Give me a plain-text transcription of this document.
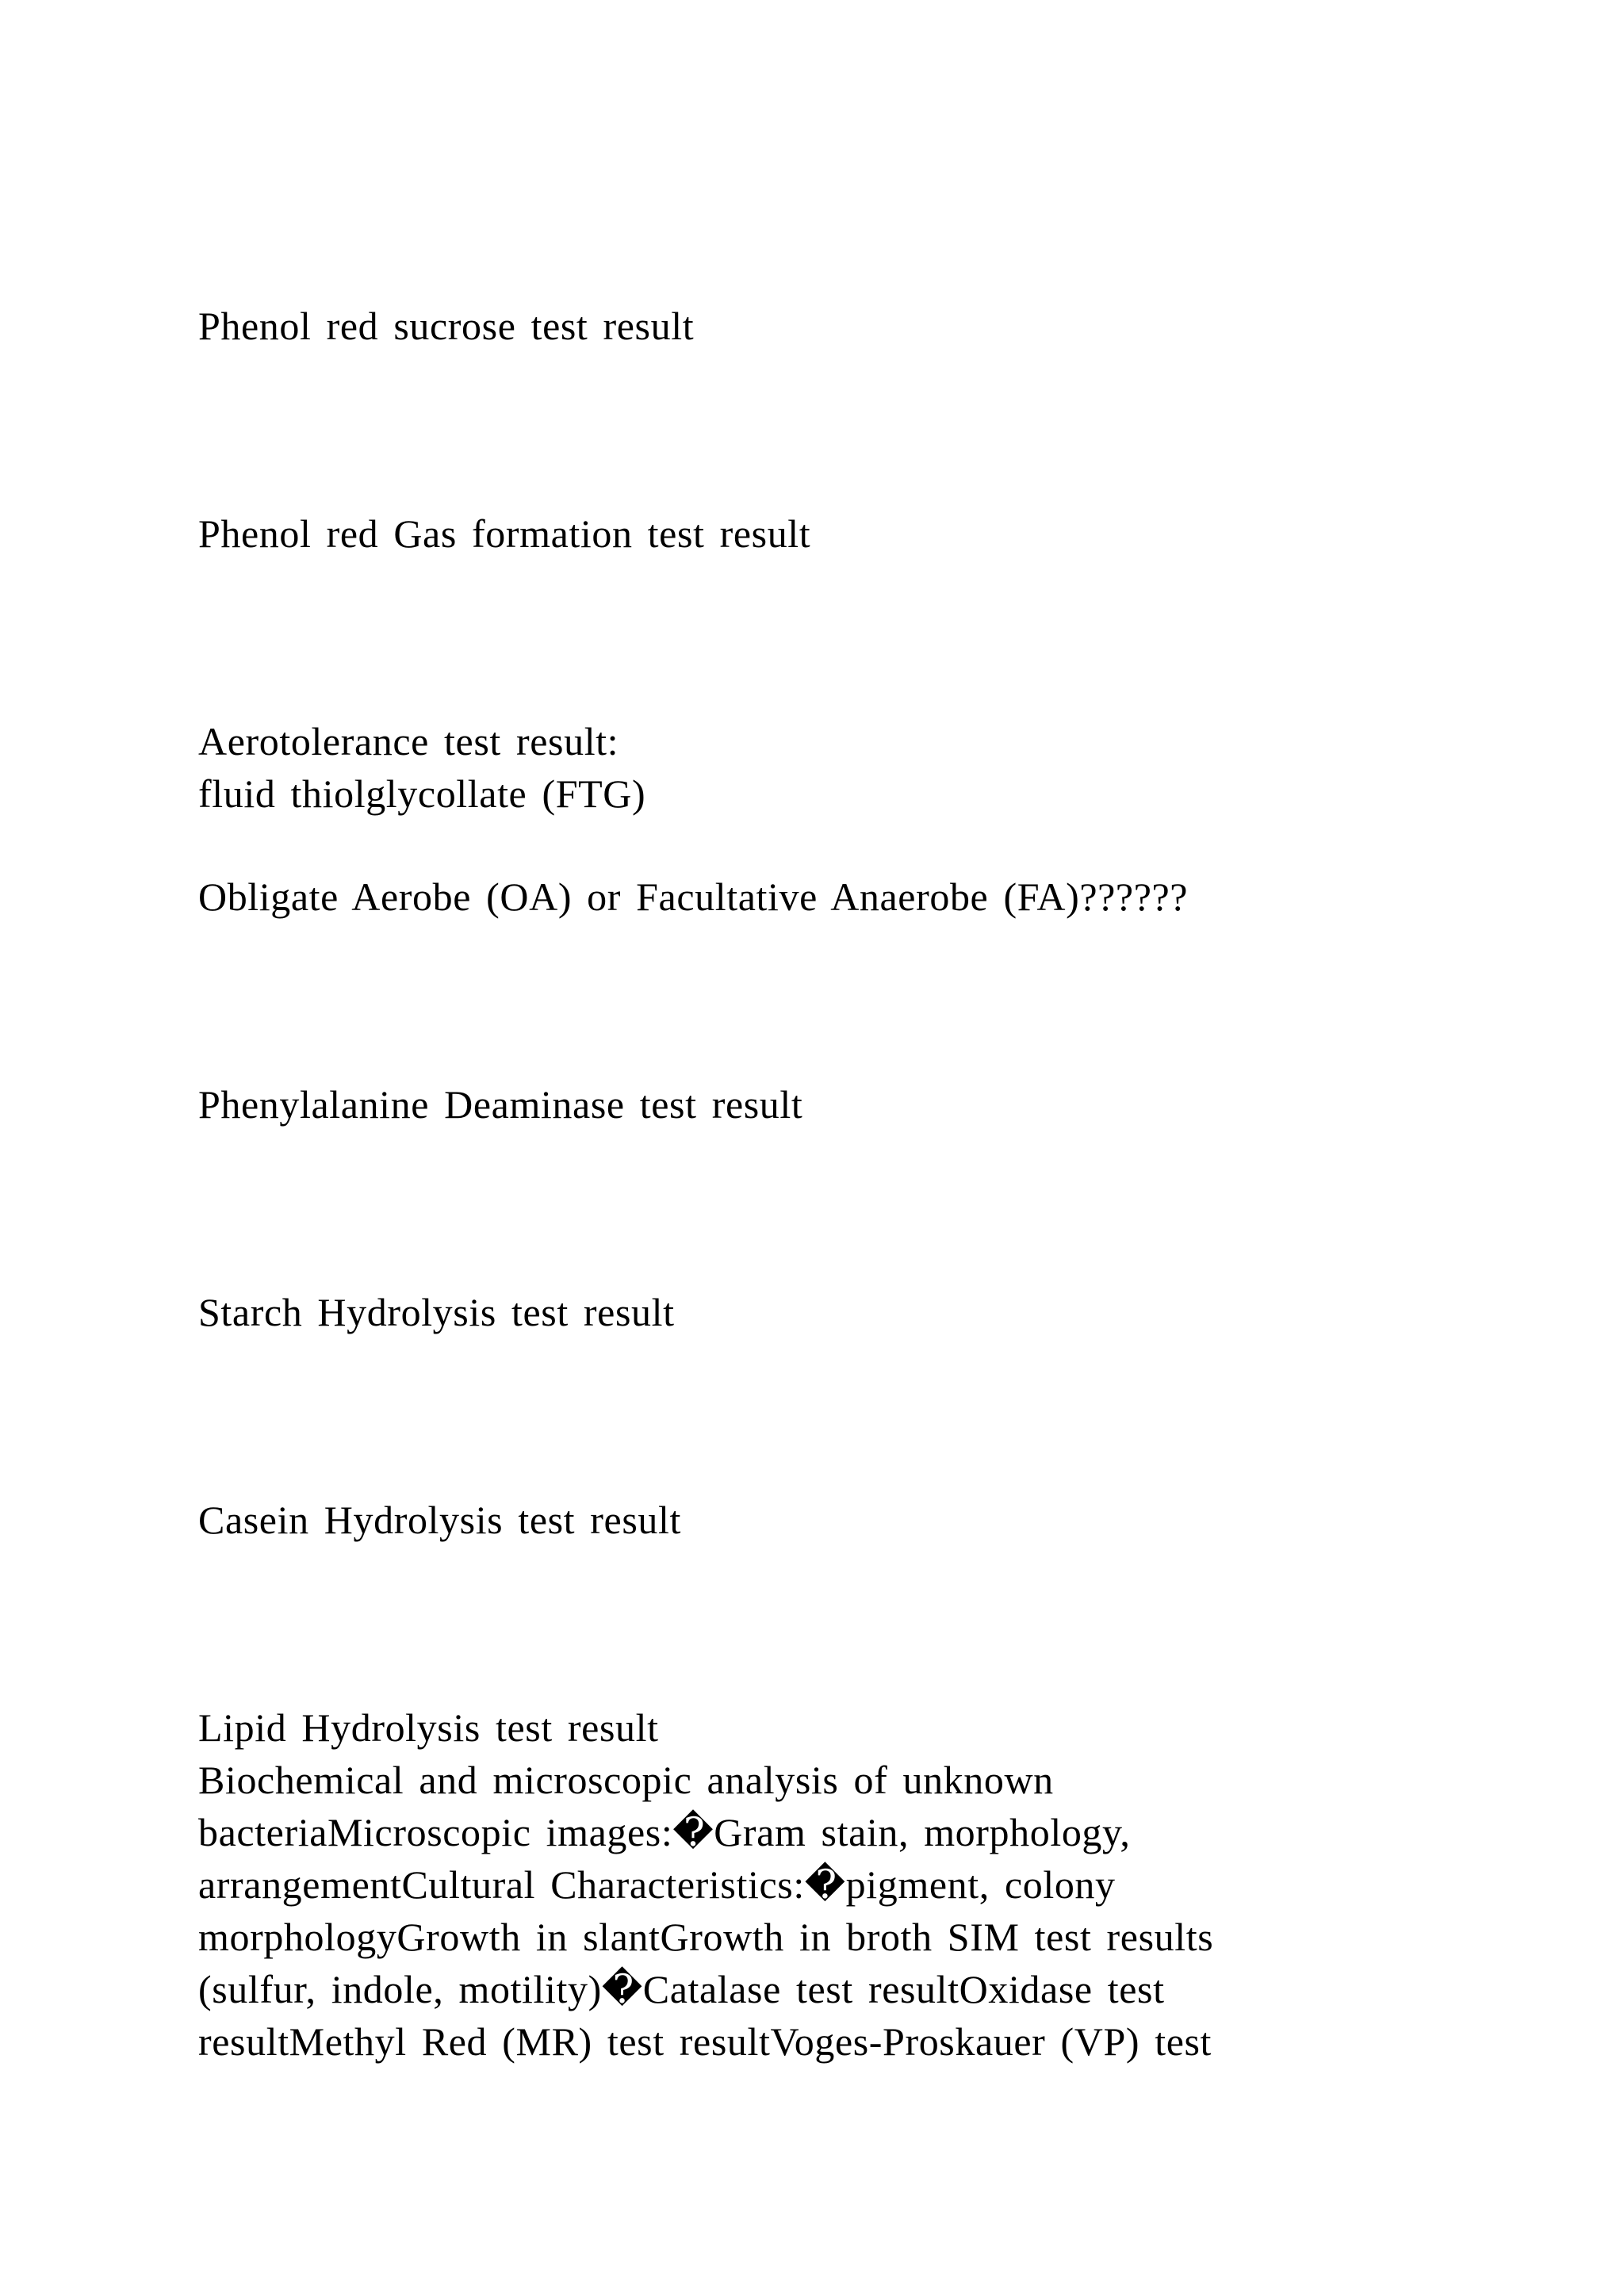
Phenol red sucrose test result

Phenol red Gas formation test result

Aerotolerance test result:

fluid thiolglycollate (FTG)

Obligate Aerobe (OA) or Facultative Anaerobe (FA)??????

Phenylalanine Deaminase test result

Starch Hydrolysis test result

Casein Hydrolysis test result

Lipid Hydrolysis test result

Biochemical and microscopic analysis of unknown

bacteriaMicroscopic images:�Gram stain, morphology,

arrangementCultural Characteristics:�pigment, colony

morphologyGrowth in slantGrowth in broth SIM test results

(sulfur, indole, motility)�Catalase test resultOxidase test

resultMethyl Red (MR) test resultVoges-Proskauer (VP) test
